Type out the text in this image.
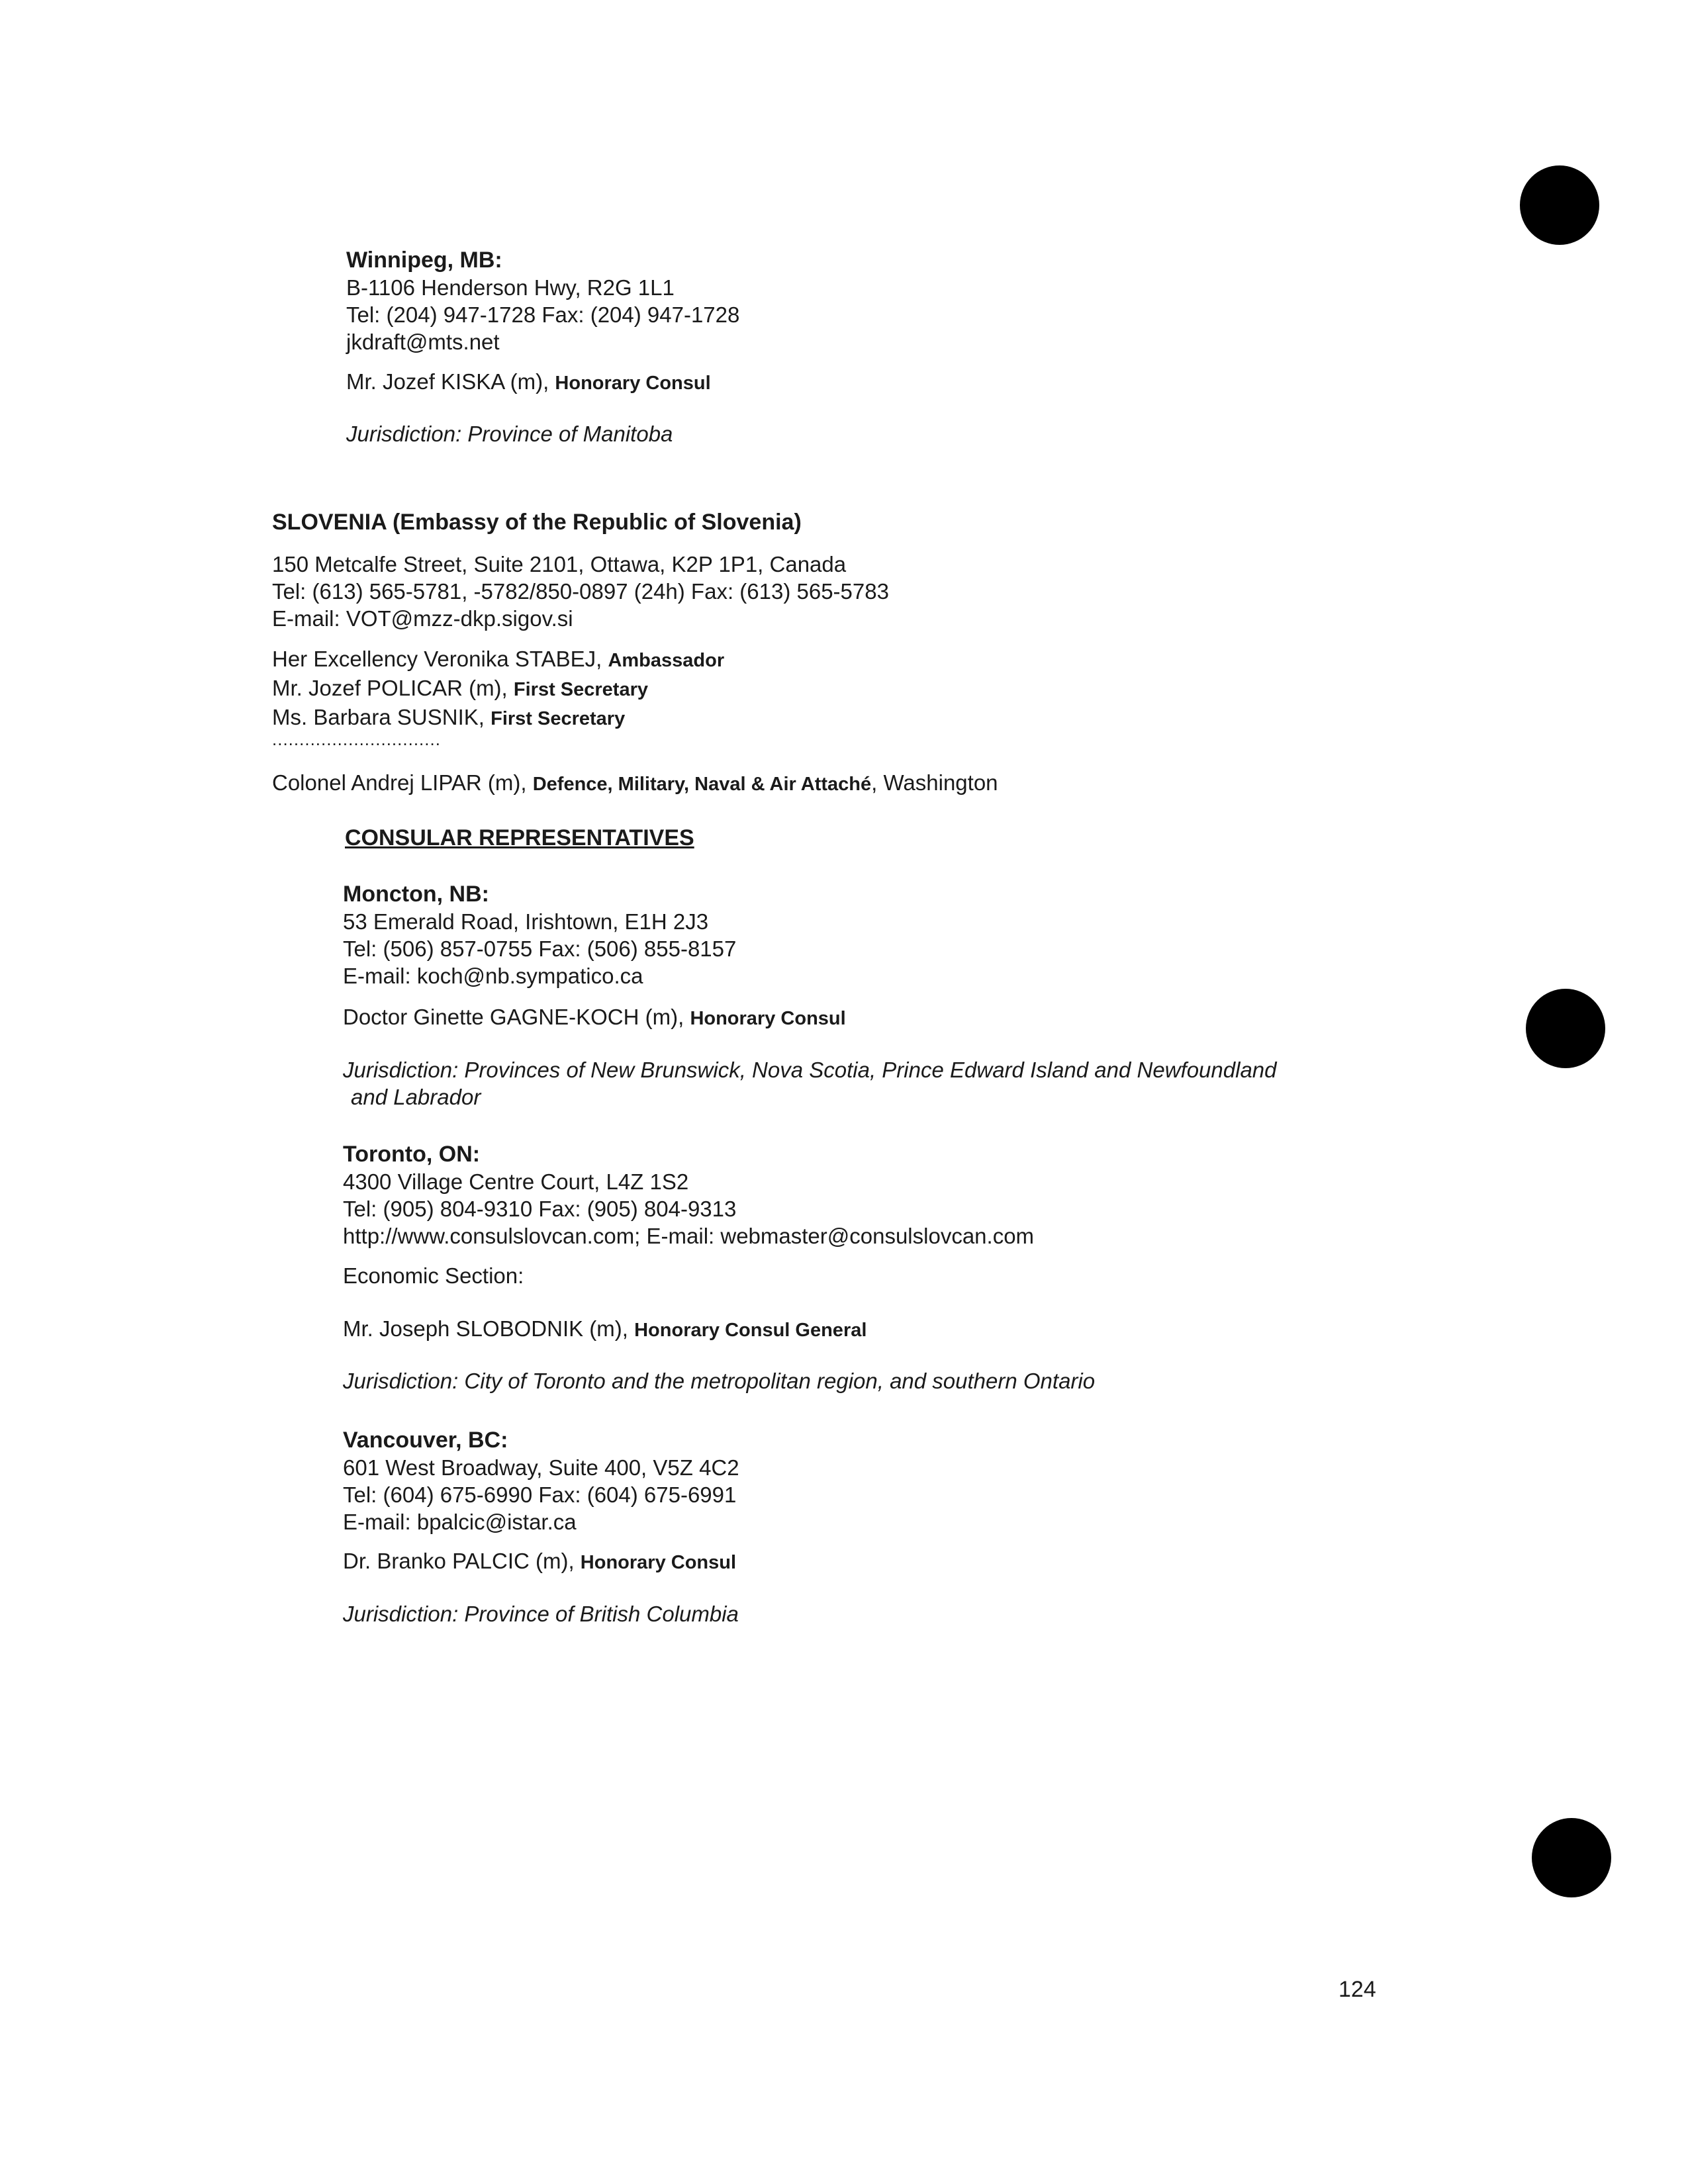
Winnipeg, MB:
B-1106 Henderson Hwy, R2G 1L1
Tel: (204) 947-1728 Fax: (204) 947-1728
jkdraft@mts.net
Mr. Jozef KISKA (m), Honorary Consul
Jurisdiction: Province of Manitoba
SLOVENIA (Embassy of the Republic of Slovenia)
150 Metcalfe Street, Suite 2101, Ottawa, K2P 1P1, Canada
Tel: (613) 565-5781, -5782/850-0897 (24h) Fax: (613) 565-5783
E-mail: VOT@mzz-dkp.sigov.si
Her Excellency Veronika STABEJ, Ambassador
Mr. Jozef POLICAR (m), First Secretary
Ms. Barbara SUSNIK, First Secretary
...............................
Colonel Andrej LIPAR (m), Defence, Military, Naval & Air Attaché, Washington
CONSULAR REPRESENTATIVES
Moncton, NB:
53 Emerald Road, Irishtown, E1H 2J3
Tel: (506) 857-0755 Fax: (506) 855-8157
E-mail: koch@nb.sympatico.ca
Doctor Ginette GAGNE-KOCH (m), Honorary Consul
Jurisdiction: Provinces of New Brunswick, Nova Scotia, Prince Edward Island and Newfoundland
and Labrador
Toronto, ON:
4300 Village Centre Court, L4Z 1S2
Tel: (905) 804-9310 Fax: (905) 804-9313
http://www.consulslovcan.com; E-mail: webmaster@consulslovcan.com
Economic Section:
Mr. Joseph SLOBODNIK (m), Honorary Consul General
Jurisdiction: City of Toronto and the metropolitan region, and southern Ontario
Vancouver, BC:
601 West Broadway, Suite 400, V5Z 4C2
Tel: (604) 675-6990 Fax: (604) 675-6991
E-mail: bpalcic@istar.ca
Dr. Branko PALCIC (m), Honorary Consul
Jurisdiction: Province of British Columbia
124
